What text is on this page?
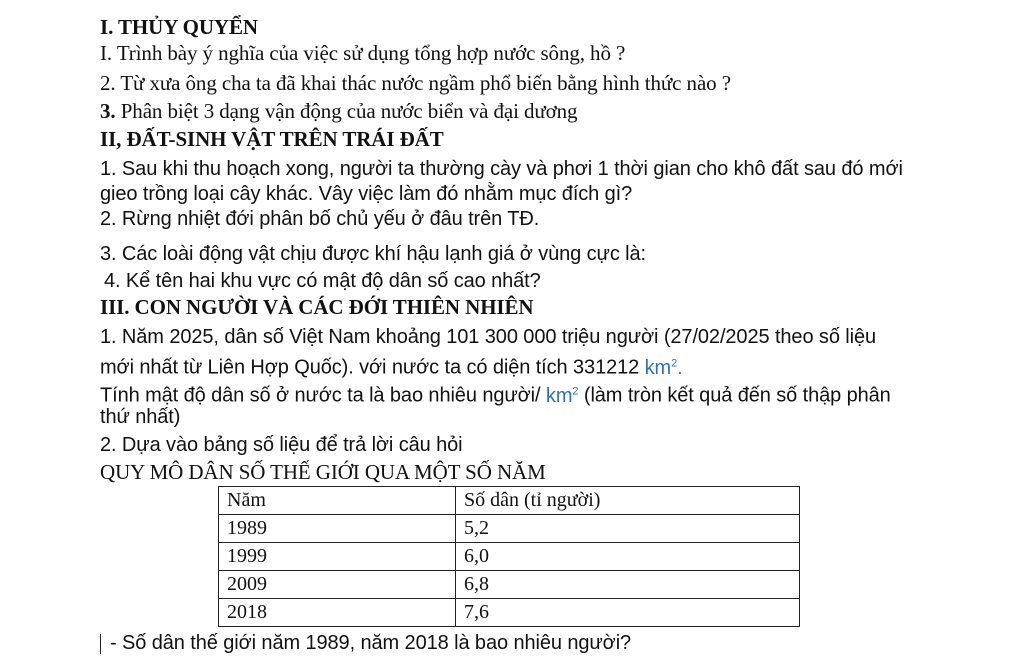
I. THỦY QUYỂN
I. Trình bày ý nghĩa của việc sử dụng tổng hợp nước sông, hồ ?
2. Từ xưa ông cha ta đã khai thác nước ngầm phổ biến bằng hình thức nào ?
3. Phân biệt 3 dạng vận động của nước biển và đại dương
II, ĐẤT-SINH VẬT TRÊN TRÁI ĐẤT
1. Sau khi thu hoạch xong, người ta thường cày và phơi 1 thời gian cho khô đất sau đó mới
gieo trồng loại cây khác. Vây việc làm đó nhằm mục đích gì?
2. Rừng nhiệt đới phân bố chủ yếu ở đâu trên TĐ.
3. Các loài động vật chịu được khí hậu lạnh giá ở vùng cực là:
4. Kể tên hai khu vực có mật độ dân số cao nhất?
III. CON NGƯỜI VÀ CÁC ĐỚI THIÊN NHIÊN
1. Năm 2025, dân số Việt Nam khoảng 101 300 000 triệu người (27/02/2025 theo số liệu
mới nhất từ Liên Hợp Quốc). với nước ta có diện tích 331212 $km^2$.
Tính mật độ dân số ở nước ta là bao nhiêu người/ $km^2$ (làm tròn kết quả đến số thập phân
thứ nhất)
2. Dựa vào bảng số liệu để trả lời câu hỏi
QUY MÔ DÂN SỐ THẾ GIỚI QUA MỘT SỐ NĂM
Năm	Số dân (tỉ người)
1989	5,2
1999	6,0
2009	6,8
2018	7,6
- Số dân thế giới năm 1989, năm 2018 là bao nhiêu người?
